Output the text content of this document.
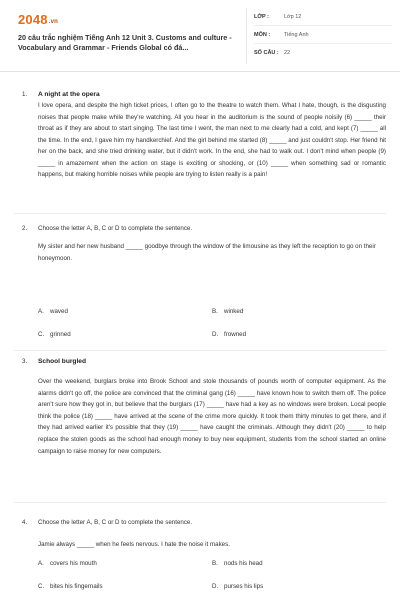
2048.vn
20 câu trắc nghiệm Tiếng Anh 12 Unit 3. Customs and culture - Vocabulary and Grammar - Friends Global có đá...
LỚP :	Lớp 12
MÔN :	Tiếng Anh
SỐ CÂU : 22
1. A night at the opera
I love opera, and despite the high ticket prices, I often go to the theatre to watch them. What I hate, though, is the disgusting noises that people make while they're watching. All you hear in the auditorium is the sound of people noisily (6) _____ their throat as if they are about to start singing. The last time I went, the man next to me clearly had a cold, and kept (7) _____ all the time. In the end, I gave him my handkerchief. And the girl behind me started (8) _____ and just couldn't stop. Her friend hit her on the back, and she tried drinking water, but it didn't work. In the end, she had to walk out. I don't mind when people (9) _____ in amazement when the action on stage is exciting or shocking, or (10) _____ when something sad or romantic happens, but making horrible noises while people are trying to listen really is a pain!
2. Choose the letter A, B, C or D to complete the sentence.
My sister and her new husband _____ goodbye through the window of the limousine as they left the reception to go on their honeymoon.
A. waved	B. winked
C. grinned	D. frowned
3. School burgled
Over the weekend, burglars broke into Brook School and stole thousands of pounds worth of computer equipment. As the alarms didn't go off, the police are convinced that the criminal gang (16) _____ have known how to switch them off. The police aren't sure how they got in, but believe that the burglars (17) _____ have had a key as no windows were broken. Local people think the police (18) _____ have arrived at the scene of the crime more quickly. It took them thirty minutes to get there, and if they had arrived earlier it's possible that they (19) _____ have caught the criminals. Although they didn't (20) _____ to help replace the stolen goods as the school had enough money to buy new equipment, students from the school started an online campaign to raise money for new computers.
4. Choose the letter A, B, C or D to complete the sentence.
Jamie always _____ when he feels nervous. I hate the noise it makes.
A. covers his mouth	B. nods his head
C. bites his fingernails	D. purses his lips
